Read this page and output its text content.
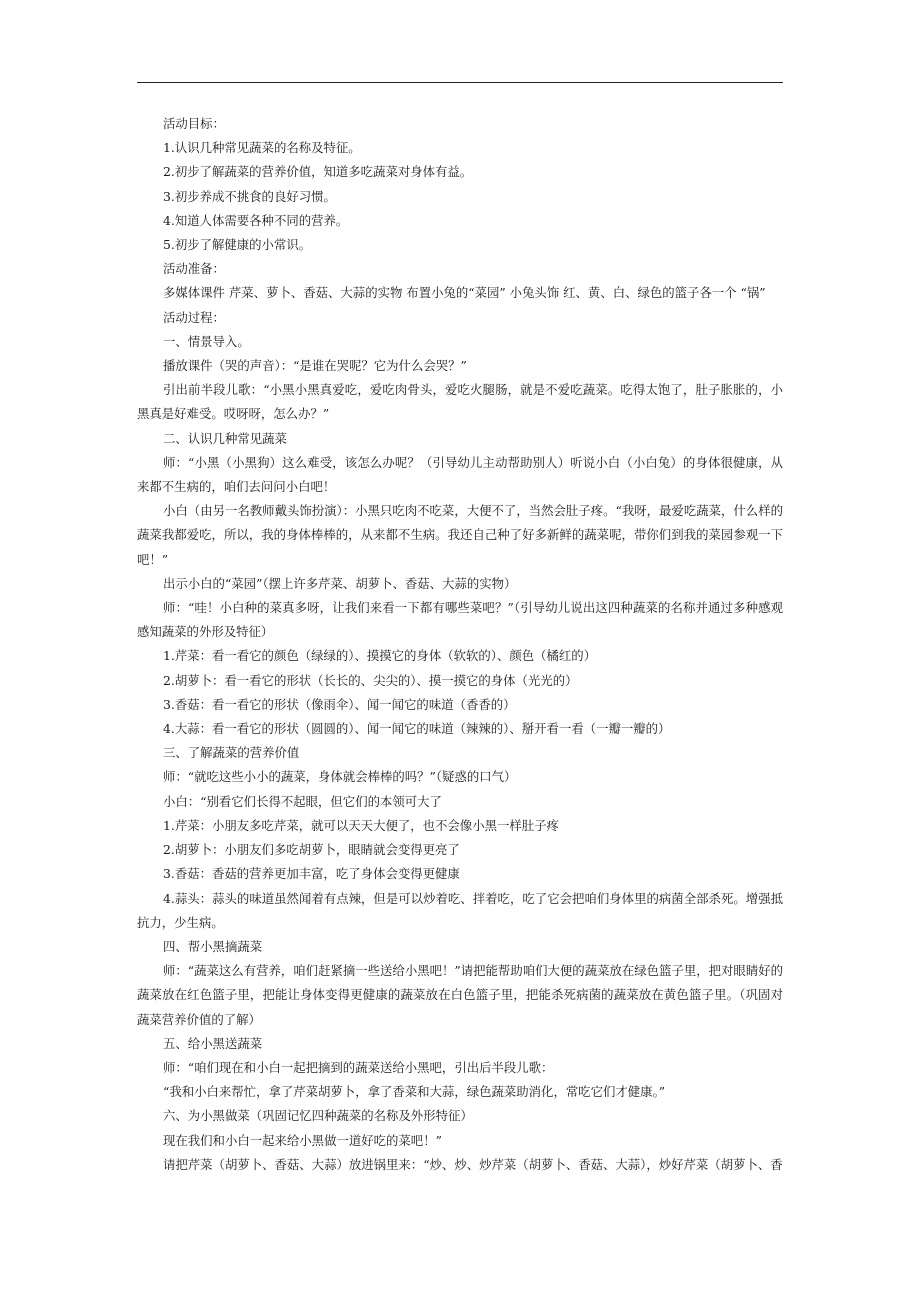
活动目标：

1.认识几种常见蔬菜的名称及特征。

2.初步了解蔬菜的营养价值，知道多吃蔬菜对身体有益。

3.初步养成不挑食的良好习惯。

4.知道人体需要各种不同的营养。

5.初步了解健康的小常识。

活动准备：

多媒体课件 芹菜、萝卜、香菇、大蒜的实物 布置小兔的“菜园” 小兔头饰 红、黄、白、绿色的篮子各一个 “锅”

活动过程：

一、情景导入。

播放课件（哭的声音）：“是谁在哭呢？它为什么会哭？”

引出前半段儿歌：“小黑小黑真爱吃，爱吃肉骨头，爱吃火腿肠，就是不爱吃蔬菜。吃得太饱了，肚子胀胀的，小黑真是好难受。哎呀呀，怎么办？”

二、认识几种常见蔬菜

师：“小黑（小黑狗）这么难受，该怎么办呢？（引导幼儿主动帮助别人）听说小白（小白兔）的身体很健康，从来都不生病的，咱们去问问小白吧！

小白（由另一名教师戴头饰扮演）：小黑只吃肉不吃菜，大便不了，当然会肚子疼。“我呀，最爱吃蔬菜，什么样的蔬菜我都爱吃，所以，我的身体棒棒的，从来都不生病。我还自己种了好多新鲜的蔬菜呢，带你们到我的菜园参观一下吧！”

出示小白的“菜园”（摆上许多芹菜、胡萝卜、香菇、大蒜的实物）

师：“哇！小白种的菜真多呀，让我们来看一下都有哪些菜吧？”（引导幼儿说出这四种蔬菜的名称并通过多种感观感知蔬菜的外形及特征）

1.芹菜：看一看它的颜色（绿绿的）、摸摸它的身体（软软的）、颜色（橘红的）

2.胡萝卜：看一看它的形状（长长的、尖尖的）、摸一摸它的身体（光光的）

3.香菇：看一看它的形状（像雨伞）、闻一闻它的味道（香香的）

4.大蒜：看一看它的形状（圆圆的）、闻一闻它的味道（辣辣的）、掰开看一看（一瓣一瓣的）

三、了解蔬菜的营养价值

师：“就吃这些小小的蔬菜，身体就会棒棒的吗？”（疑惑的口气）

小白：“别看它们长得不起眼，但它们的本领可大了

1.芹菜：小朋友多吃芹菜，就可以天天大便了，也不会像小黑一样肚子疼

2.胡萝卜：小朋友们多吃胡萝卜，眼睛就会变得更亮了

3.香菇：香菇的营养更加丰富，吃了身体会变得更健康

4.蒜头：蒜头的味道虽然闻着有点辣，但是可以炒着吃、拌着吃，吃了它会把咱们身体里的病菌全部杀死。增强抵抗力，少生病。

四、帮小黑摘蔬菜

师：“蔬菜这么有营养，咱们赶紧摘一些送给小黑吧！”请把能帮助咱们大便的蔬菜放在绿色篮子里，把对眼睛好的蔬菜放在红色篮子里，把能让身体变得更健康的蔬菜放在白色篮子里，把能杀死病菌的蔬菜放在黄色篮子里。（巩固对蔬菜营养价值的了解）

五、给小黑送蔬菜

师：“咱们现在和小白一起把摘到的蔬菜送给小黑吧，引出后半段儿歌：

“我和小白来帮忙，拿了芹菜胡萝卜，拿了香菜和大蒜，绿色蔬菜助消化，常吃它们才健康。”

六、为小黑做菜（巩固记忆四种蔬菜的名称及外形特征）

现在我们和小白一起来给小黑做一道好吃的菜吧！”

请把芹菜（胡萝卜、香菇、大蒜）放进锅里来：“炒、炒、炒芹菜（胡萝卜、香菇、大蒜），炒好芹菜（胡萝卜、香
